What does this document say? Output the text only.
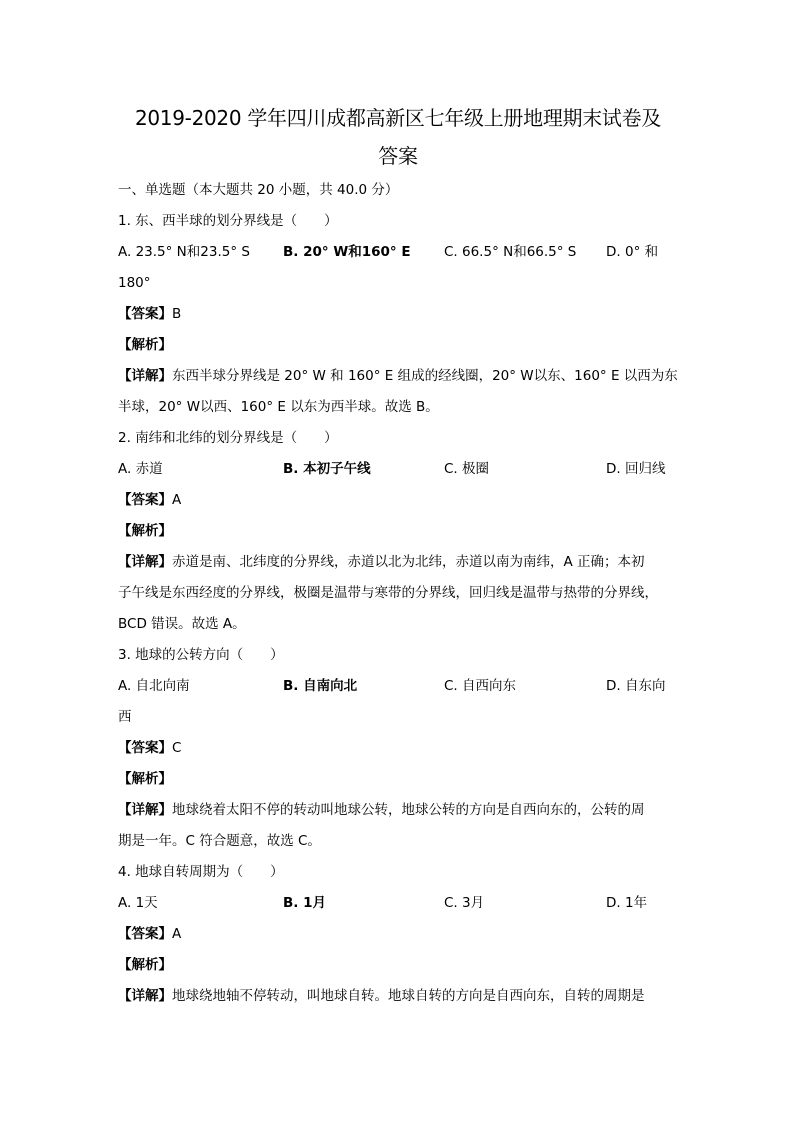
2019-2020 学年四川成都高新区七年级上册地理期末试卷及
答案
一、单选题（本大题共 20 小题，共 40.0 分）
1. 东、西半球的划分界线是（　　）
A. 23.5° N和23.5° S B. 20° W和160° E C. 66.5° N和66.5° S D. 0° 和
180°
【答案】B
【解析】
【详解】东西半球分界线是 20° W 和 160° E 组成的经线圈，20° W以东、160° E 以西为东
半球，20° W以西、160° E 以东为西半球。故选 B。
2. 南纬和北纬的划分界线是（　　）
A. 赤道	B. 本初子午线	C. 极圈	D. 回归线
【答案】A
【解析】
【详解】赤道是南、北纬度的分界线，赤道以北为北纬，赤道以南为南纬，A 正确；本初
子午线是东西经度的分界线，极圈是温带与寒带的分界线，回归线是温带与热带的分界线，
BCD 错误。故选 A。
3. 地球的公转方向（　　）
A. 自北向南	B. 自南向北	C. 自西向东	D. 自东向
西
【答案】C
【解析】
【详解】地球绕着太阳不停的转动叫地球公转，地球公转的方向是自西向东的，公转的周
期是一年。C 符合题意，故选 C。
4. 地球自转周期为（　　）
A. 1天	B. 1月	C. 3月	D. 1年
【答案】A
【解析】
【详解】地球绕地轴不停转动，叫地球自转。地球自转的方向是自西向东，自转的周期是
